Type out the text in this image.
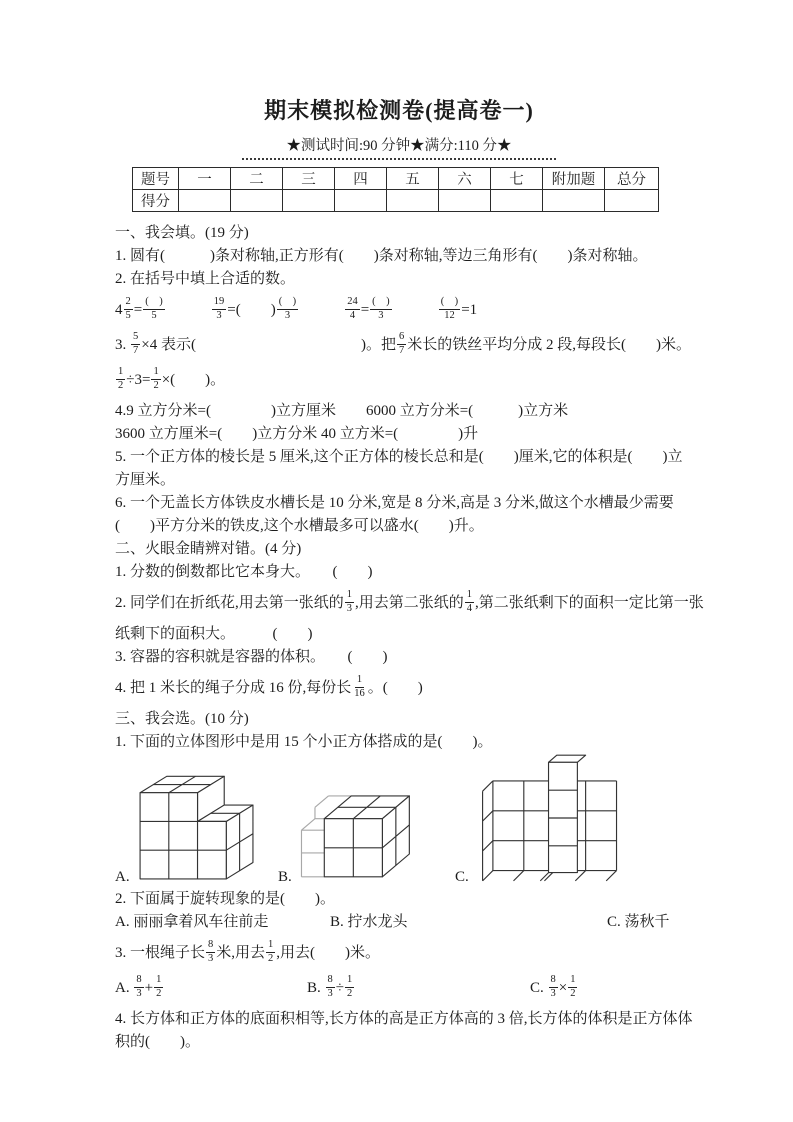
期末模拟检测卷(提高卷一)
★测试时间:90 分钟★满分:110 分★
题号	一	二	三	四	五	六	七	附加题	总分
得分									
一、我会填。(19 分)
1. 圆有(　　　)条对称轴,正方形有(　　)条对称轴,等边三角形有(　　)条对称轴。
2. 在括号中填上合适的数。
$4 \frac{2}{5}$ =
(　)
5
　　　	$\frac{19}{3}$ =(　　)
(　)
3
　　　	$\frac{24}{4}$ =
(　)
3

(　)
12 =1
3. $\frac{5}{7} \times 4$ 表示(　　　　　　　　　　　)。把 $\frac{6}{7}$ 米长的铁丝平均分成 2 段,每段长(　　)米。
$\frac{1}{2} \div 3= \frac{1}{2}$ ×(　　)。
4.9 立方分米=(　　　　)立方厘米　　6000 立方分米=(　　　)立方米
3600 立方厘米=(　　)立方分米 40 立方米=(　　　　)升
5. 一个正方体的棱长是 5 厘米,这个正方体的棱长总和是(　　)厘米,它的体积是(　　)立
方厘米。
6. 一个无盖长方体铁皮水槽长是 10 分米,宽是 8 分米,高是 3 分米,做这个水槽最少需要
(　　)平方分米的铁皮,这个水槽最多可以盛水(　　)升。
二、火眼金睛辨对错。(4 分)
1. 分数的倒数都比它本身大。　　(　　)
2. 同学们在折纸花,用去第一张纸的 $\frac{1}{3}$ ,用去第二张纸的 $\frac{1}{4}$ ,第二张纸剩下的面积一定比第一张
纸剩下的面积大。　　　(　　)
3. 容器的容积就是容器的体积。　　(　　)
4. 把 1 米长的绳子分成 16 份,每份长 $\frac{1}{16}$ 。(　　)
三、我会选。(10 分)
1. 下面的立体图形中是用 15 个小正方体搭成的是(　　)。
A.	B.	C.
2. 下面属于旋转现象的是(　　)。
A. 丽丽拿着风车往前走	B. 拧水龙头	C. 荡秋千
3. 一根绳子长 $\frac{8}{3}$ 米,用去 $\frac{1}{2}$ ,用去(　　)米。
A. $\frac{8}{3} + \frac{1}{2}$	B. $\frac{8}{3} \div \frac{1}{2}$	C. $\frac{8}{3} \times \frac{1}{2}$
4. 长方体和正方体的底面积相等,长方体的高是正方体高的 3 倍,长方体的体积是正方体体
积的(　　)。
